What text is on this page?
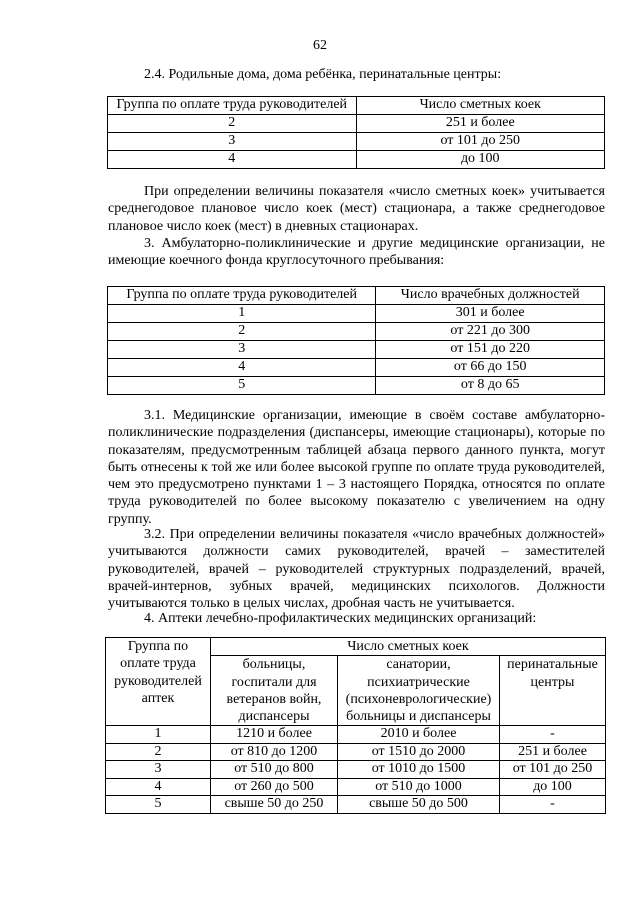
62
2.4. Родильные дома, дома ребёнка, перинатальные центры:
Группа по оплате труда руководителей	Число сметных коек
2	251 и более
3	от 101 до 250
4	до 100
При определении величины показателя «число сметных коек» учитывается среднегодовое плановое число коек (мест) стационара, а также среднегодовое плановое число коек (мест) в дневных стационарах.
3. Амбулаторно-поликлинические и другие медицинские организации, не имеющие коечного фонда круглосуточного пребывания:
Группа по оплате труда руководителей	Число врачебных должностей
1	301 и более
2	от 221 до 300
3	от 151 до 220
4	от 66 до 150
5	от 8 до 65
3.1. Медицинские организации, имеющие в своём составе амбулаторно-поликлинические подразделения (диспансеры, имеющие стационары), которые по показателям, предусмотренным таблицей абзаца первого данного пункта, могут быть отнесены к той же или более высокой группе по оплате труда руководителей, чем это предусмотрено пунктами 1 – 3 настоящего Порядка, относятся по оплате труда руководителей по более высокому показателю с увеличением на одну группу.
3.2. При определении величины показателя «число врачебных должностей» учитываются должности самих руководителей, врачей – заместителей руководителей, врачей – руководителей структурных подразделений, врачей, врачей-интернов, зубных врачей, медицинских психологов. Должности учитываются только в целых числах, дробная часть не учитывается.
4. Аптеки лечебно-профилактических медицинских организаций:
Группа по оплате труда руководителей аптек	Число сметных коек		
	больницы, госпитали для ветеранов войн, диспансеры	санатории, психиатрические (психоневрологические) больницы и диспансеры	перинатальные центры
1	1210 и более	2010 и более	-
2	от 810 до 1200	от 1510 до 2000	251 и более
3	от 510 до 800	от 1010 до 1500	от 101 до 250
4	от 260 до 500	от 510 до 1000	до 100
5	свыше 50 до 250	свыше 50 до 500	-
